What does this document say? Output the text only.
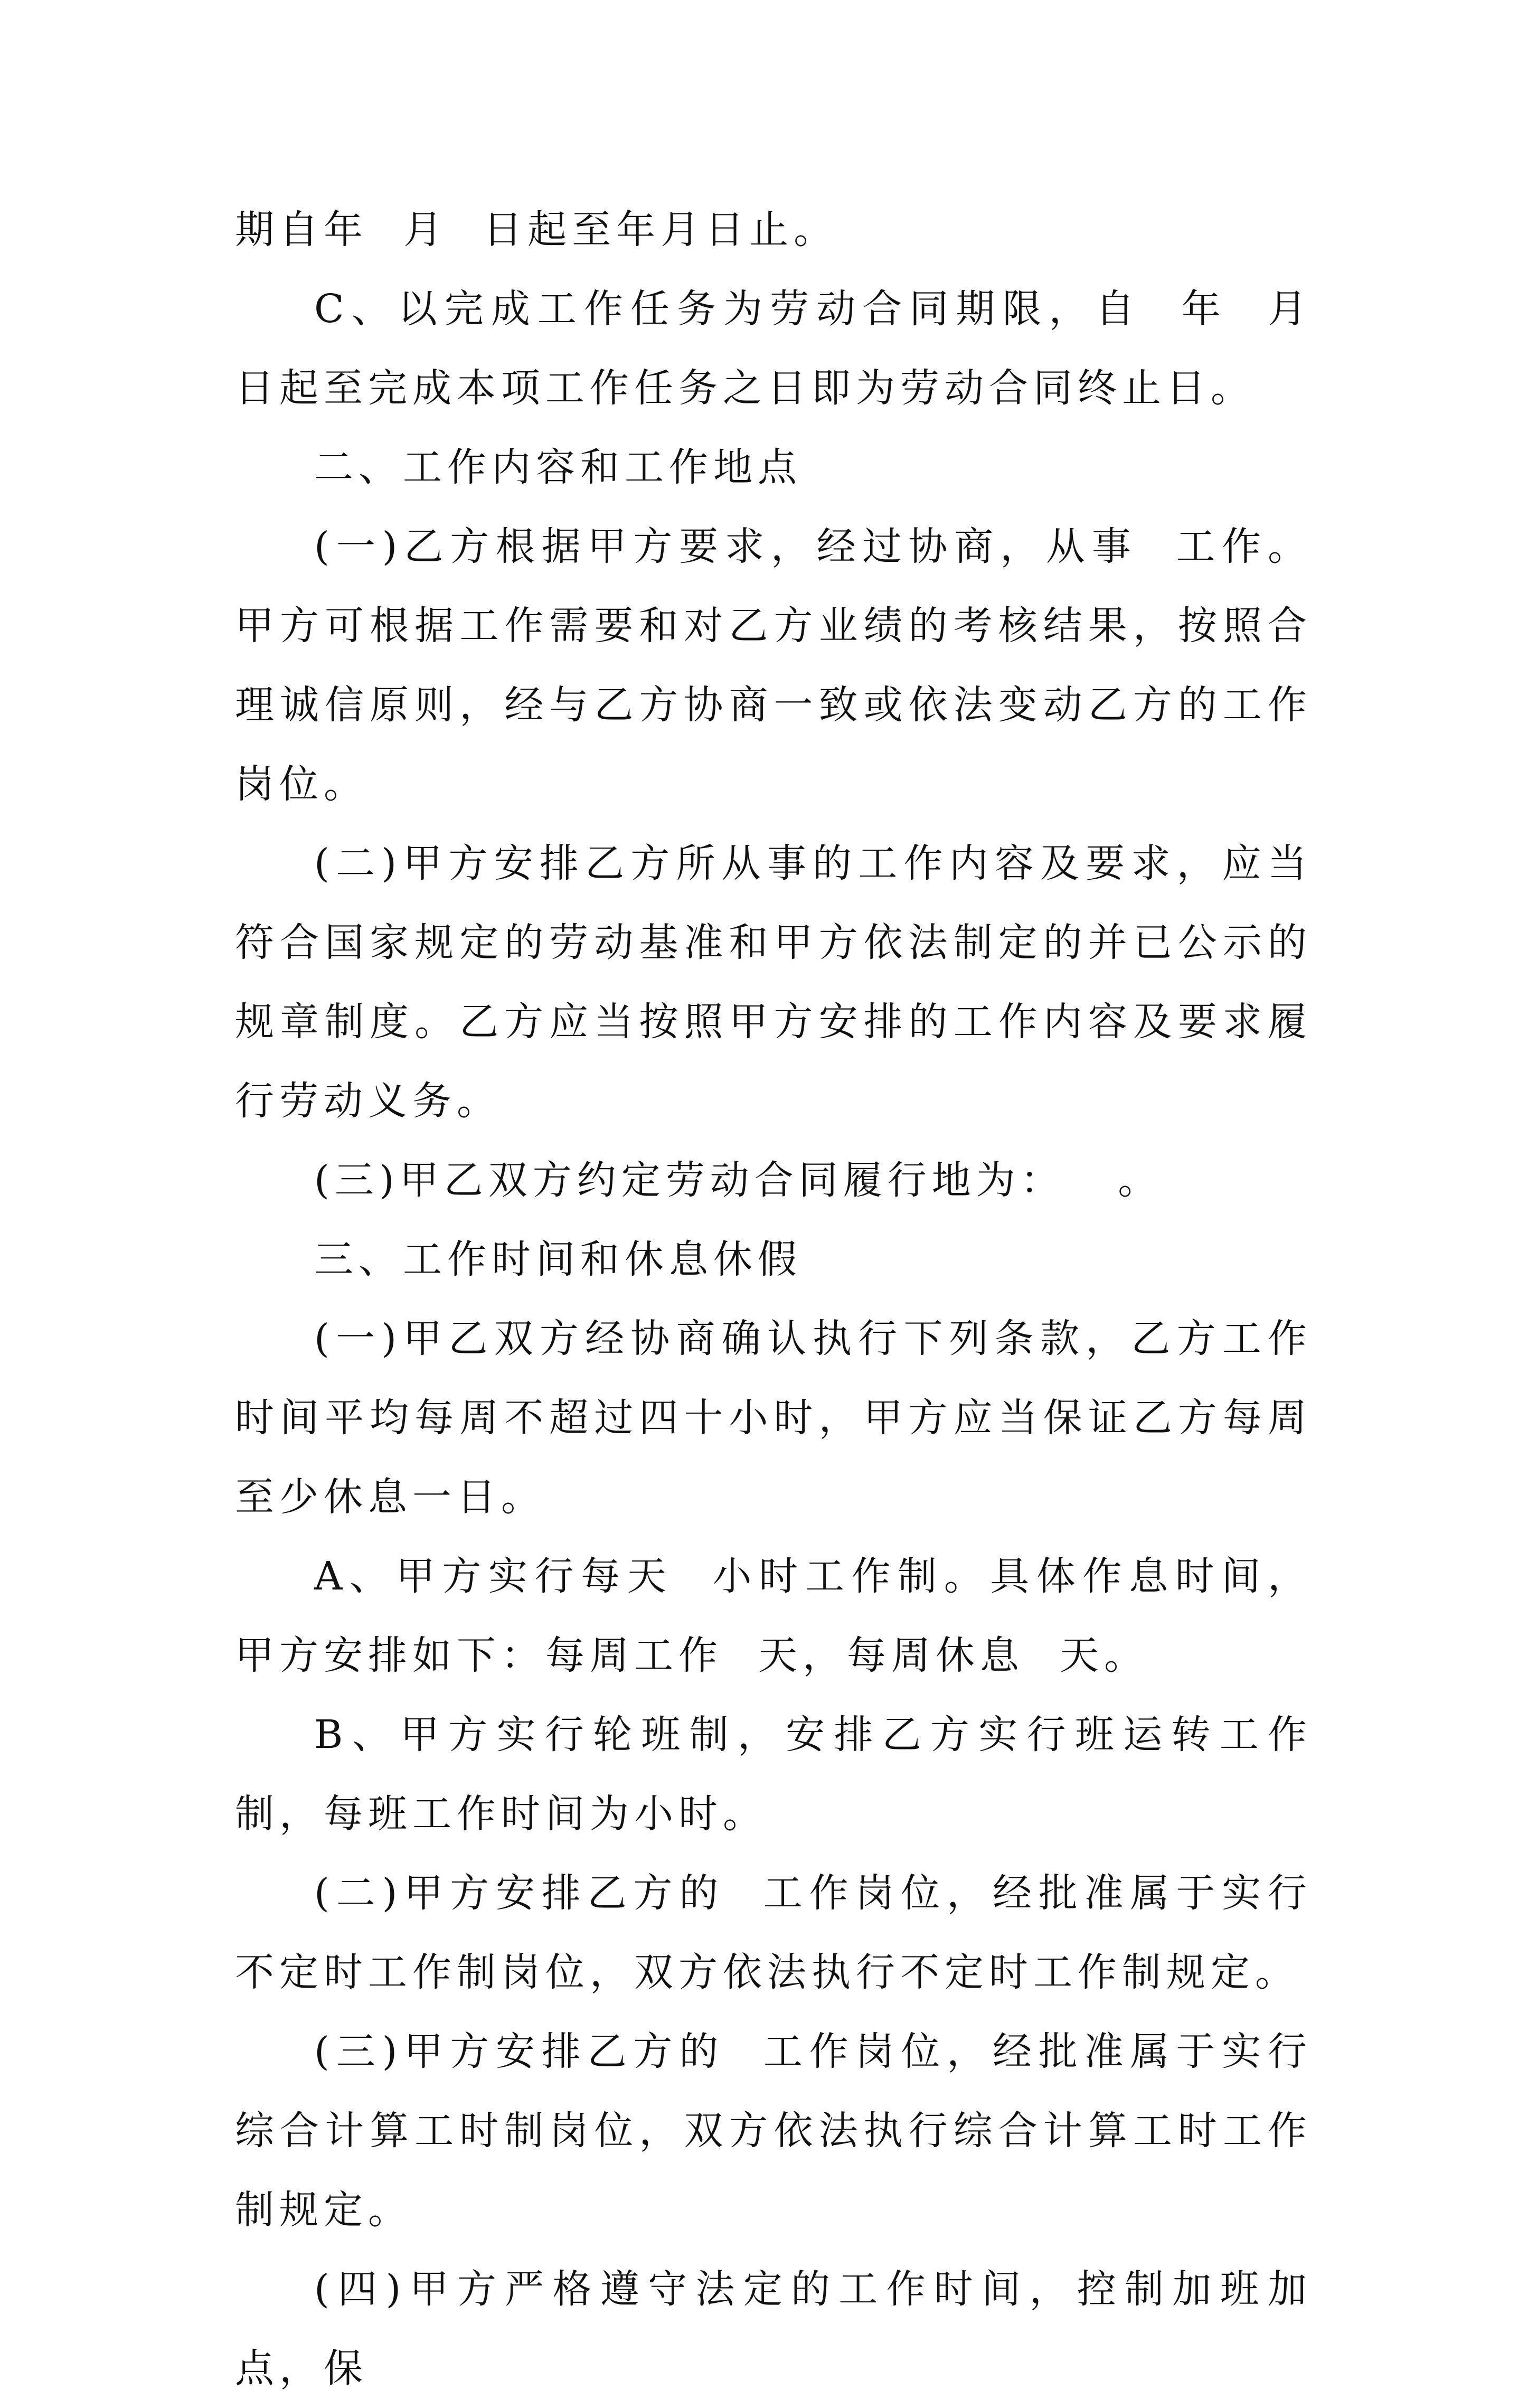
期自年  月  日起至年月日止。

C、以完成工作任务为劳动合同期限，自  年  月  日起至完成本项工作任务之日即为劳动合同终止日。

二、工作内容和工作地点

(一)乙方根据甲方要求，经过协商，从事  工作。甲方可根据工作需要和对乙方业绩的考核结果，按照合理诚信原则，经与乙方协商一致或依法变动乙方的工作岗位。

(二)甲方安排乙方所从事的工作内容及要求，应当符合国家规定的劳动基准和甲方依法制定的并已公示的规章制度。乙方应当按照甲方安排的工作内容及要求履行劳动义务。

(三)甲乙双方约定劳动合同履行地为：   。

三、工作时间和休息休假

(一)甲乙双方经协商确认执行下列条款，乙方工作时间平均每周不超过四十小时，甲方应当保证乙方每周至少休息一日。

A、甲方实行每天  小时工作制。具体作息时间，甲方安排如下：每周工作  天，每周休息  天。

B、甲方实行轮班制，安排乙方实行班运转工作制，每班工作时间为小时。

(二)甲方安排乙方的  工作岗位，经批准属于实行不定时工作制岗位，双方依法执行不定时工作制规定。

(三)甲方安排乙方的  工作岗位，经批准属于实行综合计算工时制岗位，双方依法执行综合计算工时工作制规定。

(四)甲方严格遵守法定的工作时间，控制加班加点，保
